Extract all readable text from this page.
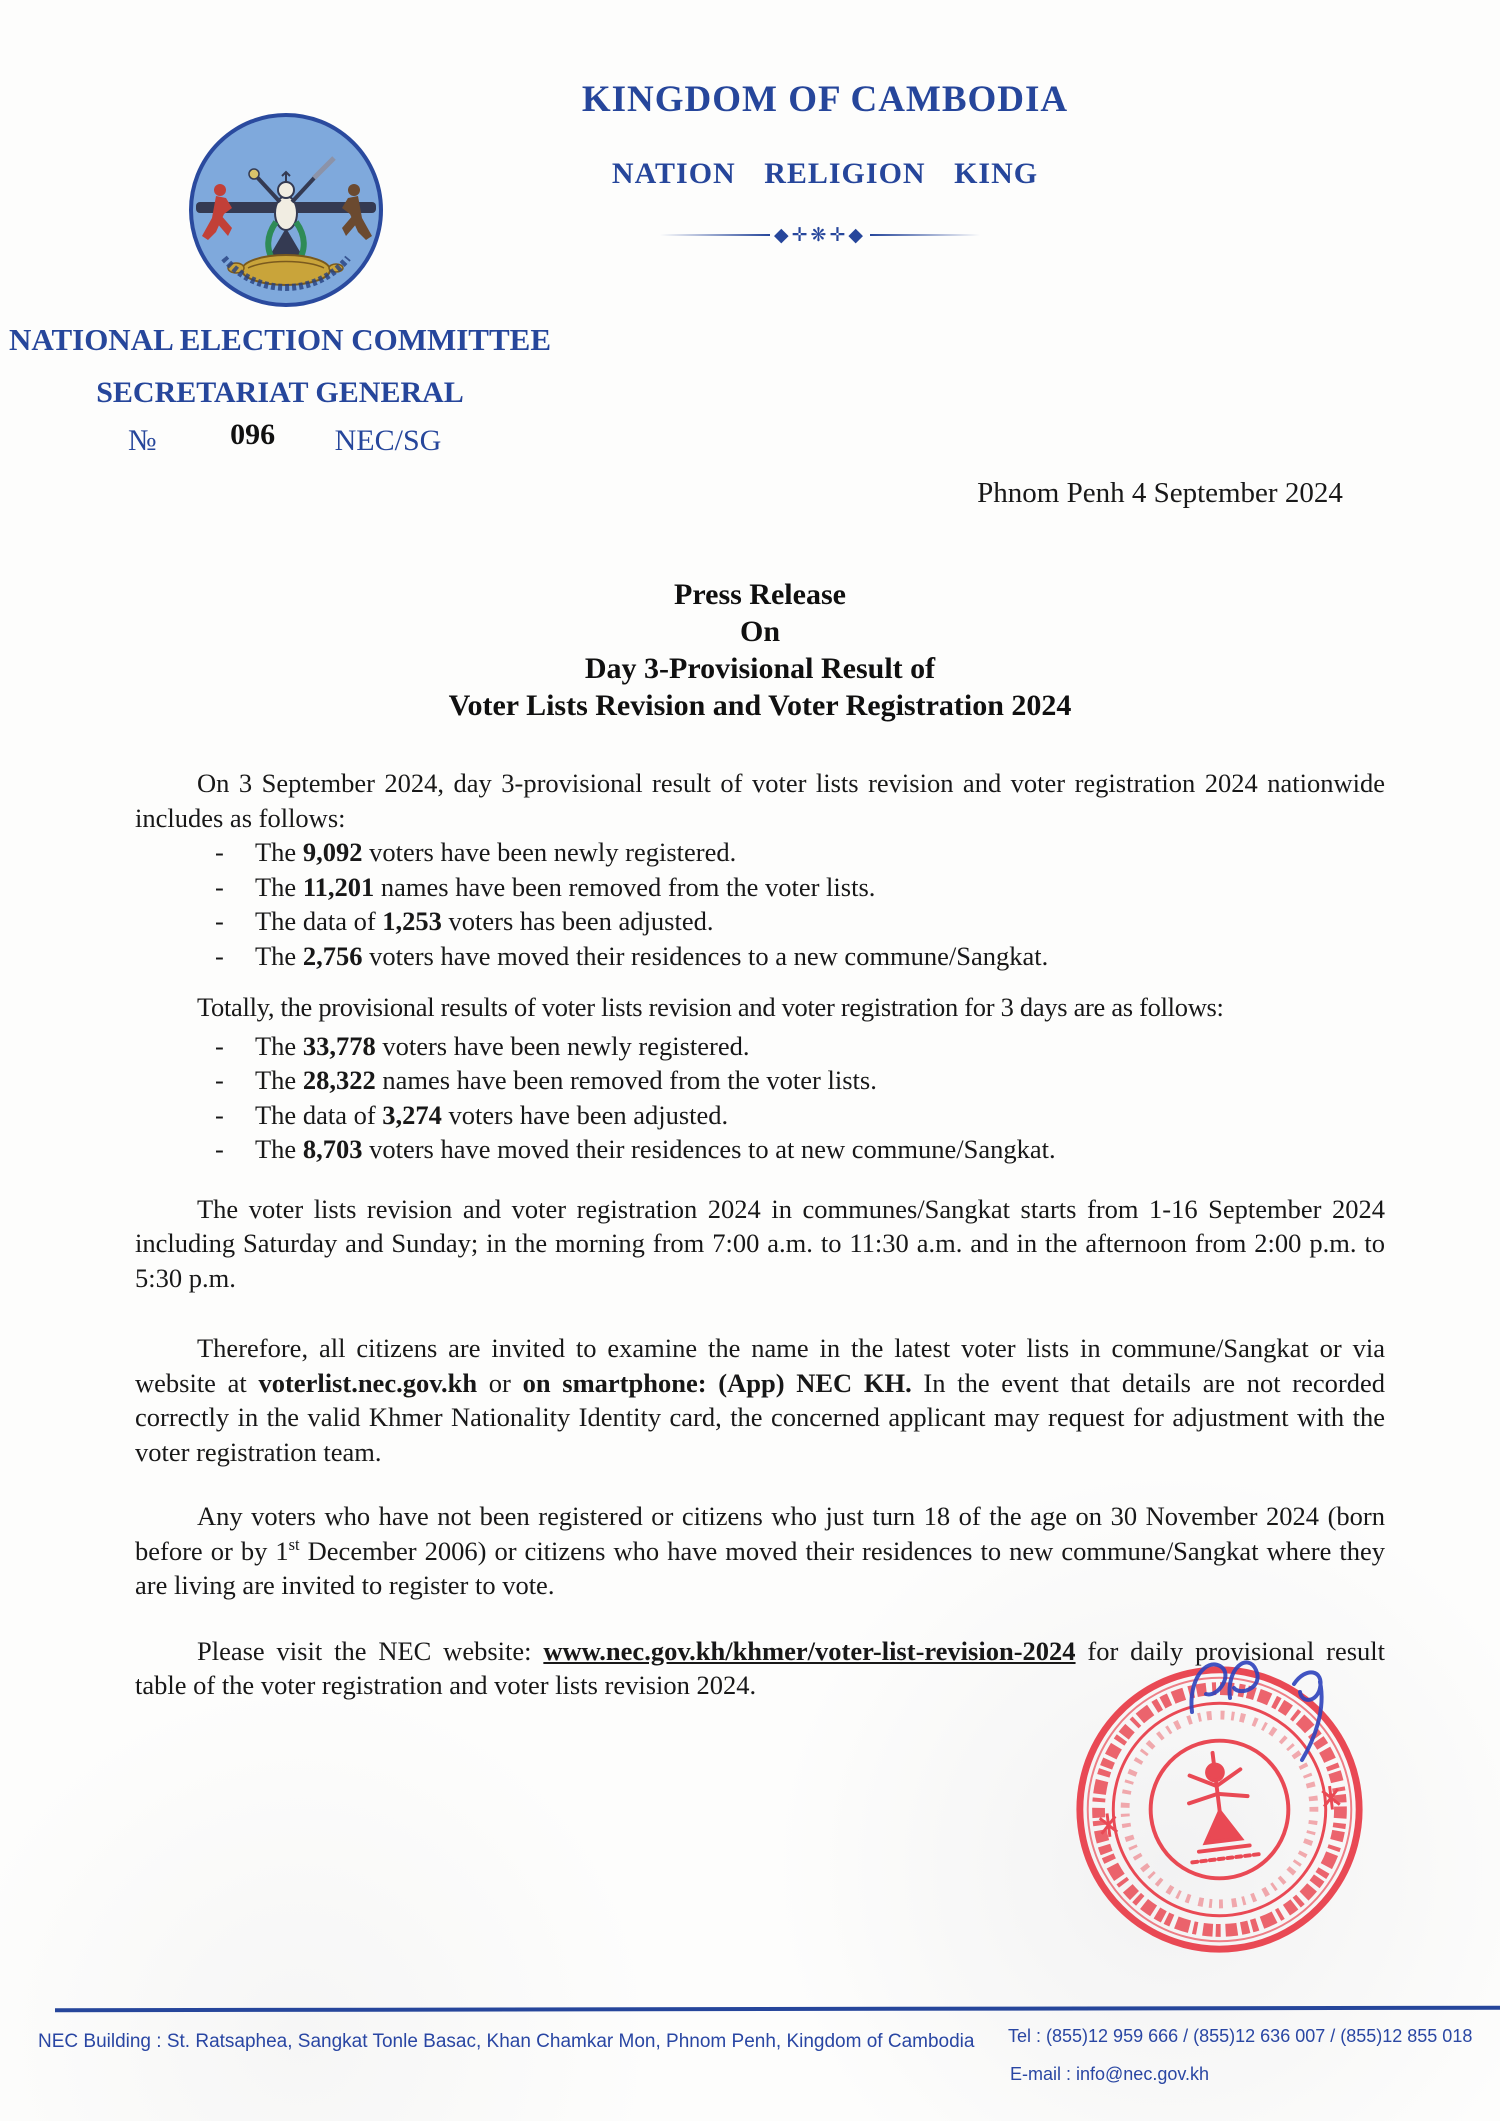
KINGDOM OF CAMBODIA
NATION RELIGION KING
◆✛❋✛◆
NATIONAL ELECTION COMMITTEE
SECRETARIAT GENERAL
№ 096 NEC/SG
Phnom Penh 4 September 2024
Press Release
On
Day 3-Provisional Result of
Voter Lists Revision and Voter Registration 2024

On 3 September 2024, day 3-provisional result of voter lists revision and voter registration 2024 nationwide includes as follows:

-	The 9,092 voters have been newly registered.
-	The 11,201 names have been removed from the voter lists.
-	The data of 1,253 voters has been adjusted.
-	The 2,756 voters have moved their residences to a new commune/Sangkat.

Totally, the provisional results of voter lists revision and voter registration for 3 days are as follows:

-	The 33,778 voters have been newly registered.
-	The 28,322 names have been removed from the voter lists.
-	The data of 3,274 voters have been adjusted.
-	The 8,703 voters have moved their residences to at new commune/Sangkat.

The voter lists revision and voter registration 2024 in communes/Sangkat starts from 1-16 September 2024 including Saturday and Sunday; in the morning from 7:00 a.m. to 11:30 a.m. and in the afternoon from 2:00 p.m. to 5:30 p.m.

Therefore, all citizens are invited to examine the name in the latest voter lists in commune/Sangkat or via website at voterlist.nec.gov.kh or on smartphone: (App) NEC KH. In the event that details are not recorded correctly in the valid Khmer Nationality Identity card, the concerned applicant may request for adjustment with the voter registration team.

Any voters who have not been registered or citizens who just turn 18 of the age on 30 November 2024 (born before or by 1st December 2006) or citizens who have moved their residences to new commune/Sangkat where they are living are invited to register to vote.

Please visit the NEC website: www.nec.gov.kh/khmer/voter-list-revision-2024 for daily provisional result table of the voter registration and voter lists revision 2024.

NEC Building : St. Ratsaphea, Sangkat Tonle Basac, Khan Chamkar Mon, Phnom Penh, Kingdom of Cambodia Tel : (855)12 959 666 / (855)12 636 007 / (855)12 855 018
E-mail : info@nec.gov.kh
